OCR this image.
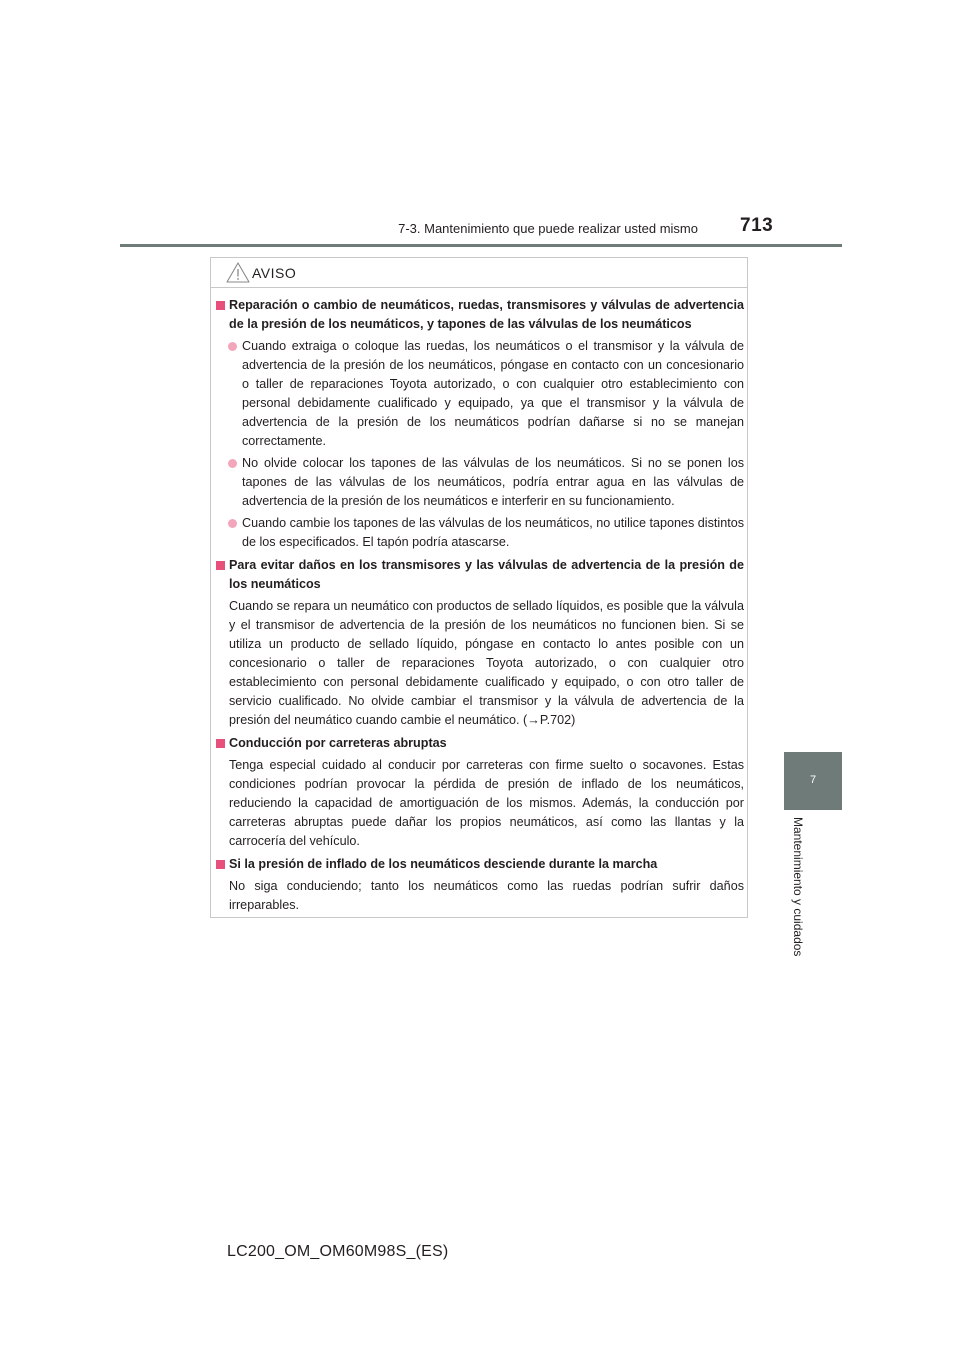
7-3. Mantenimiento que puede realizar usted mismo 713
7
Mantenimiento y cuidados
AVISO
Reparación o cambio de neumáticos, ruedas, transmisores y válvulas de advertencia de la presión de los neumáticos, y tapones de las válvulas de los neumáticos
Cuando extraiga o coloque las ruedas, los neumáticos o el transmisor y la válvula de advertencia de la presión de los neumáticos, póngase en contacto con un concesionario o taller de reparaciones Toyota autorizado, o con cualquier otro establecimiento con personal debidamente cualificado y equipado, ya que el transmisor y la válvula de advertencia de la presión de los neumáticos podrían dañarse si no se manejan correctamente.
No olvide colocar los tapones de las válvulas de los neumáticos. Si no se ponen los tapones de las válvulas de los neumáticos, podría entrar agua en las válvulas de advertencia de la presión de los neumáticos e interferir en su funcionamiento.
Cuando cambie los tapones de las válvulas de los neumáticos, no utilice tapones distintos de los especificados. El tapón podría atascarse.
Para evitar daños en los transmisores y las válvulas de advertencia de la presión de los neumáticos
Cuando se repara un neumático con productos de sellado líquidos, es posible que la válvula y el transmisor de advertencia de la presión de los neumáticos no funcionen bien. Si se utiliza un producto de sellado líquido, póngase en contacto lo antes posible con un concesionario o taller de reparaciones Toyota autorizado, o con cualquier otro establecimiento con personal debidamente cualificado y equipado, o con otro taller de servicio cualificado. No olvide cambiar el transmisor y la válvula de advertencia de la presión del neumático cuando cambie el neumático. (→P.702)
Conducción por carreteras abruptas
Tenga especial cuidado al conducir por carreteras con firme suelto o socavones. Estas condiciones podrían provocar la pérdida de presión de inflado de los neumáticos, reduciendo la capacidad de amortiguación de los mismos. Además, la conducción por carreteras abruptas puede dañar los propios neumáticos, así como las llantas y la carrocería del vehículo.
Si la presión de inflado de los neumáticos desciende durante la marcha
No siga conduciendo; tanto los neumáticos como las ruedas podrían sufrir daños irreparables.
LC200_OM_OM60M98S_(ES)
